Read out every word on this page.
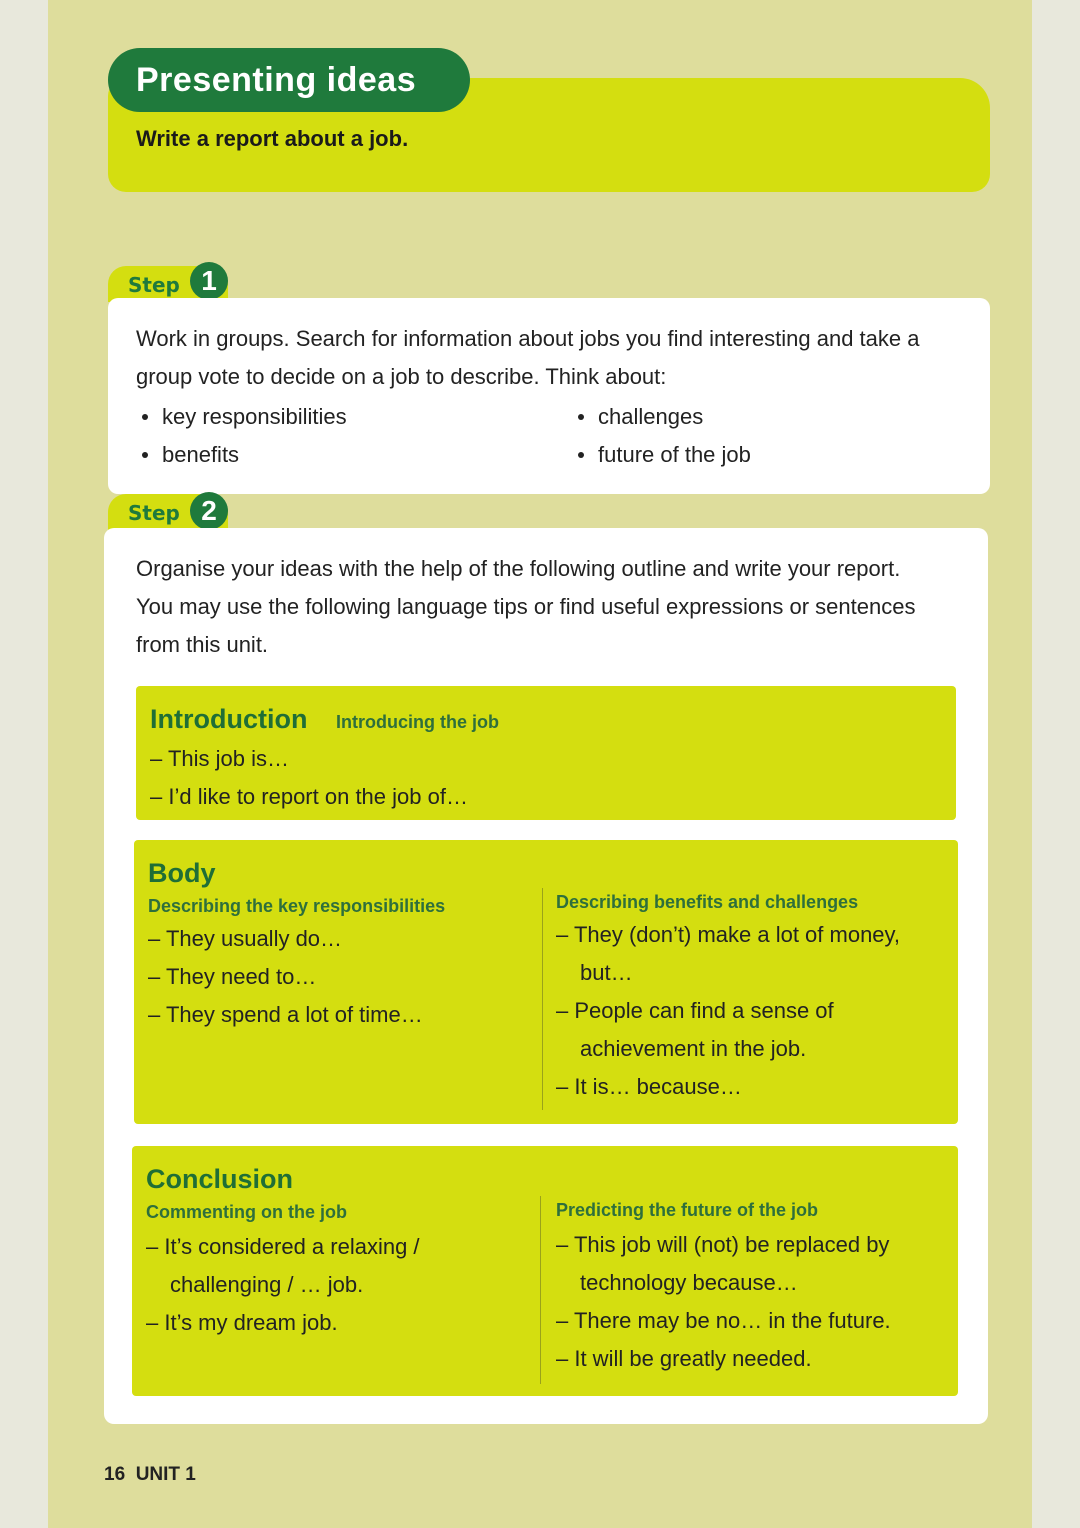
Presenting ideas
Write a report about a job.
Step 1
Work in groups. Search for information about jobs you find interesting and take a
group vote to decide on a job to describe. Think about:
key responsibilities
benefits
challenges
future of the job
Step 2
Organise your ideas with the help of the following outline and write your report.
You may use the following language tips or find useful expressions or sentences
from this unit.
Introduction Introducing the job
– This job is…
– I’d like to report on the job of…
Body
Describing the key responsibilities
– They usually do…
– They need to…
– They spend a lot of time…
Describing benefits and challenges
– They (don’t) make a lot of money,
but…
– People can find a sense of
achievement in the job.
– It is… because…
Conclusion
Commenting on the job
– It’s considered a relaxing /
challenging / … job.
– It’s my dream job.
Predicting the future of the job
– This job will (not) be replaced by
technology because…
– There may be no… in the future.
– It will be greatly needed.
16  UNIT 1
